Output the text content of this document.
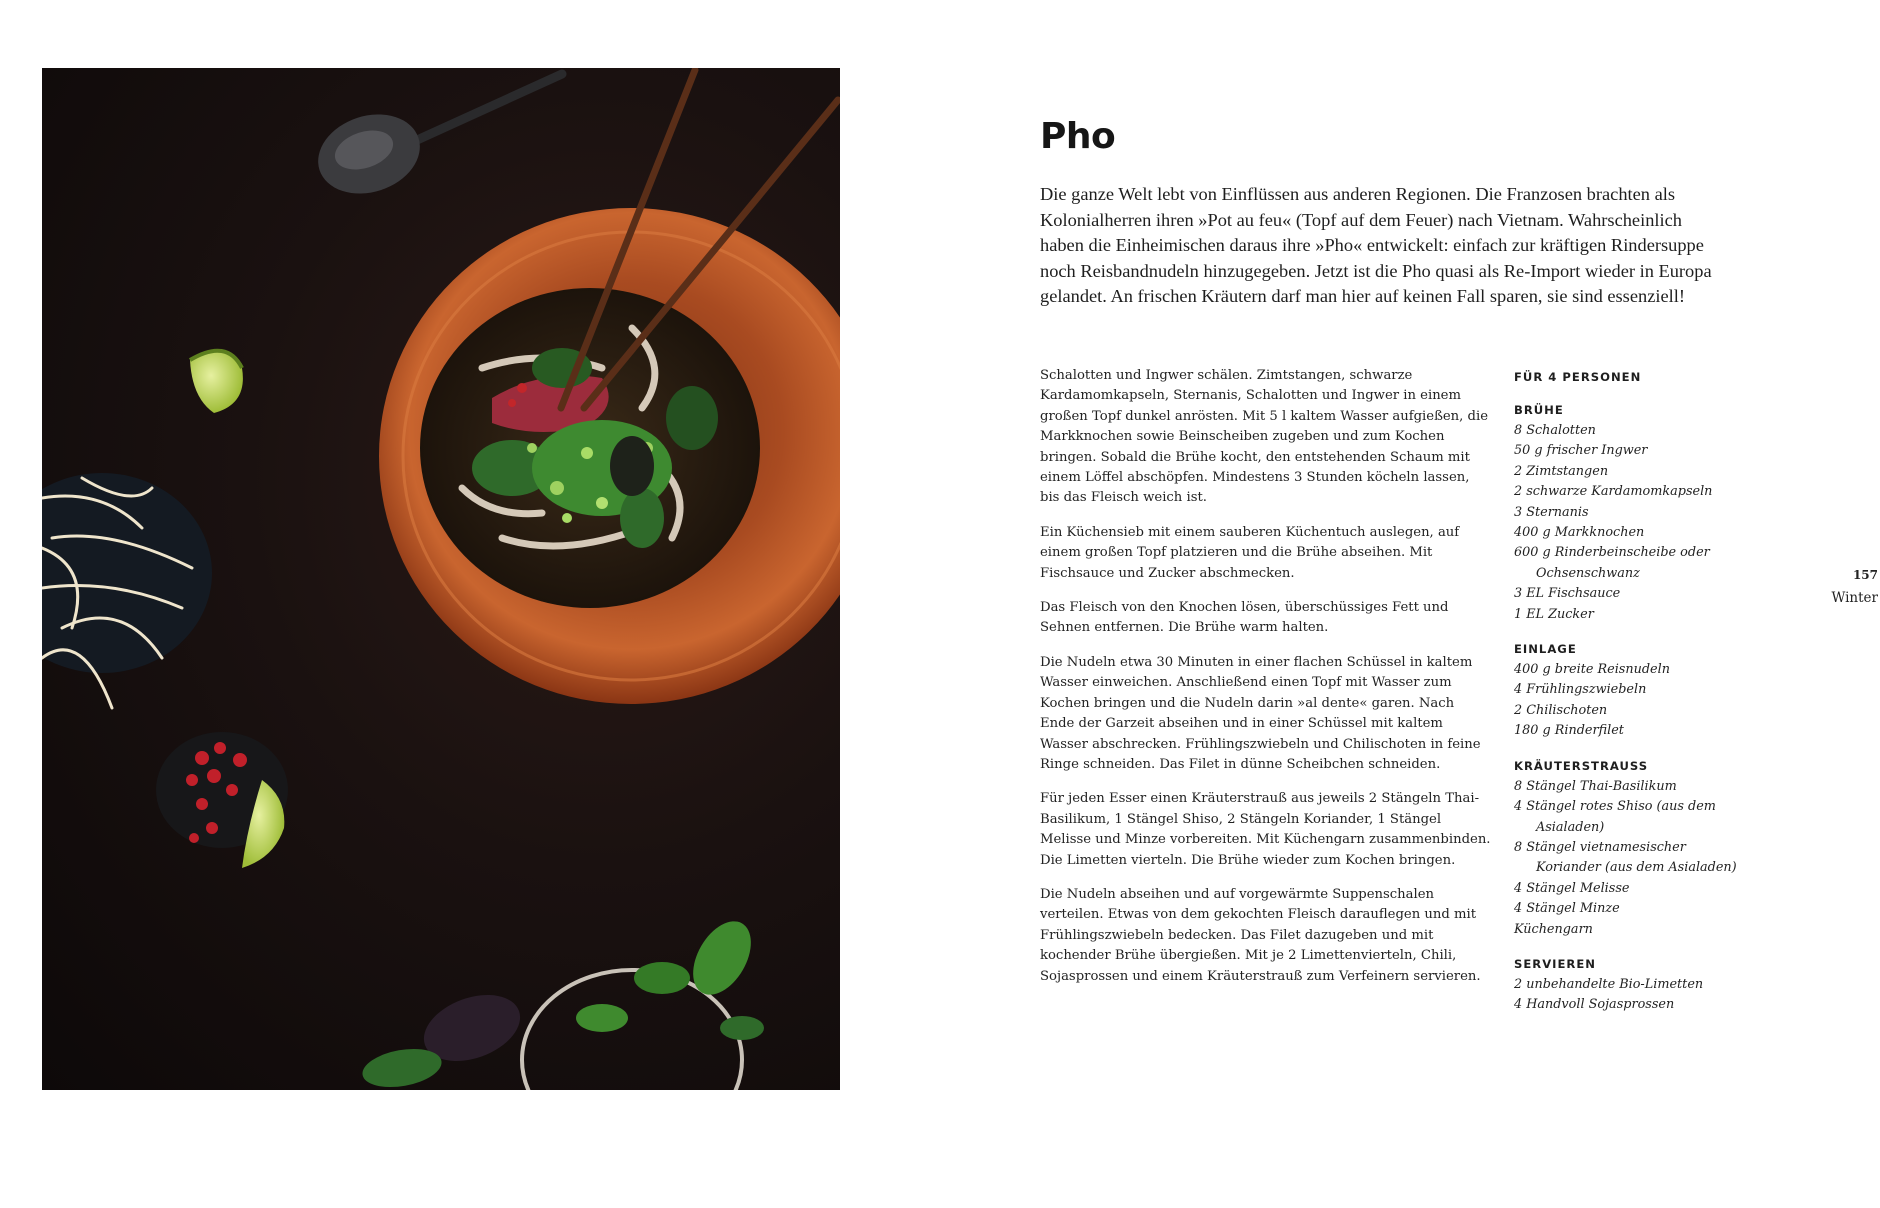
Pho

Die ganze Welt lebt von Einflüssen aus anderen Regionen. Die Franzosen brachten als Kolonialherren ihren »Pot au feu« (Topf auf dem Feuer) nach Vietnam. Wahrscheinlich haben die Einheimischen daraus ihre »Pho« entwickelt: einfach zur kräftigen Rindersuppe noch Reisbandnudeln hinzugegeben. Jetzt ist die Pho quasi als Re-Import wieder in Europa gelandet. An frischen Kräutern darf man hier auf keinen Fall sparen, sie sind essenziell!

Schalotten und Ingwer schälen. Zimtstangen, schwarze Kardamomkapseln, Sternanis, Schalotten und Ingwer in einem großen Topf dunkel anrösten. Mit 5 l kaltem Wasser aufgießen, die Markknochen sowie Beinscheiben zugeben und zum Kochen bringen. Sobald die Brühe kocht, den entstehenden Schaum mit einem Löffel abschöpfen. Mindestens 3 Stunden köcheln lassen, bis das Fleisch weich ist.

Ein Küchensieb mit einem sauberen Küchentuch auslegen, auf einem großen Topf platzieren und die Brühe abseihen. Mit Fischsauce und Zucker abschmecken.

Das Fleisch von den Knochen lösen, überschüssiges Fett und Sehnen entfernen. Die Brühe warm halten.

Die Nudeln etwa 30 Minuten in einer flachen Schüssel in kaltem Wasser einweichen. Anschließend einen Topf mit Wasser zum Kochen bringen und die Nudeln darin »al dente« garen. Nach Ende der Garzeit abseihen und in einer Schüssel mit kaltem Wasser abschrecken. Frühlingszwiebeln und Chilischoten in feine Ringe schneiden. Das Filet in dünne Scheibchen schneiden.

Für jeden Esser einen Kräuterstrauß aus jeweils 2 Stängeln Thai-Basilikum, 1 Stängel Shiso, 2 Stängeln Koriander, 1 Stängel Melisse und Minze vorbereiten. Mit Küchengarn zusammenbinden. Die Limetten vierteln. Die Brühe wieder zum Kochen bringen.

Die Nudeln abseihen und auf vorgewärmte Suppenschalen verteilen. Etwas von dem gekochten Fleisch darauflegen und mit Frühlingszwiebeln bedecken. Das Filet dazugeben und mit kochender Brühe übergießen. Mit je 2 Limettenvierteln, Chili, Sojasprossen und einem Kräuterstrauß zum Verfeinern servieren.

FÜR 4 PERSONEN

BRÜHE

8 Schalotten
50 g frischer Ingwer
2 Zimtstangen
2 schwarze Kardamomkapseln
3 Sternanis
400 g Markknochen
600 g Rinderbeinscheibe oder Ochsenschwanz
3 EL Fischsauce
1 EL Zucker

EINLAGE

400 g breite Reisnudeln
4 Frühlingszwiebeln
2 Chilischoten
180 g Rinderfilet

KRÄUTERSTRAUSS

8 Stängel Thai-Basilikum
4 Stängel rotes Shiso (aus dem Asialaden)
8 Stängel vietnamesischer Koriander (aus dem Asialaden)
4 Stängel Melisse
4 Stängel Minze
Küchengarn

SERVIEREN

2 unbehandelte Bio-Limetten
4 Handvoll Sojasprossen
157
Winter
